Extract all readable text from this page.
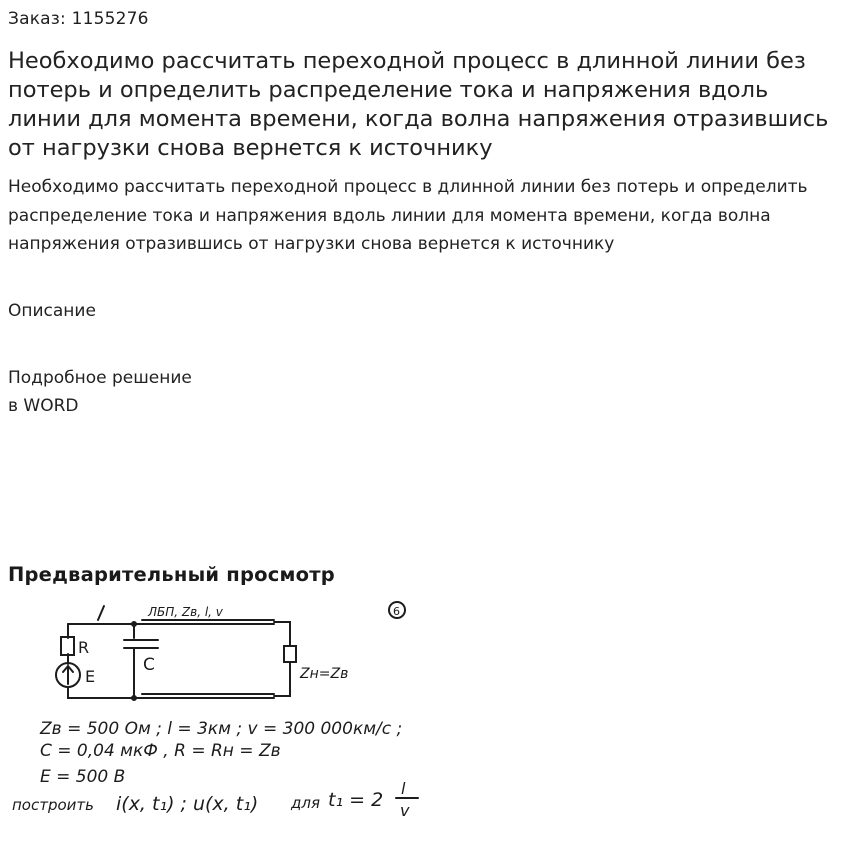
Заказ: 1155276
Необходимо рассчитать переходной процесс в длинной линии без потерь и определить распределение тока и напряжения вдоль линии для момента времени, когда волна напряжения отразившись от нагрузки снова вернется к источнику
Необходимо рассчитать переходной процесс в длинной линии без потерь и определить распределение тока и напряжения вдоль линии для момента времени, когда волна напряжения отразившись от нагрузки снова вернется к источнику
Описание
Подробное решение
в WORD
Предварительный просмотр
6
ЛБП, Zв, l, v
R
E
C	Zн=Zв
Zв = 500 Ом ; l = 3км ; v = 300 000км/с ;
C = 0,04 мкФ , R = Rн = Zв
E = 500 В
построить i(x, t₁) ; u(x, t₁) для t₁ = 2
l
v
